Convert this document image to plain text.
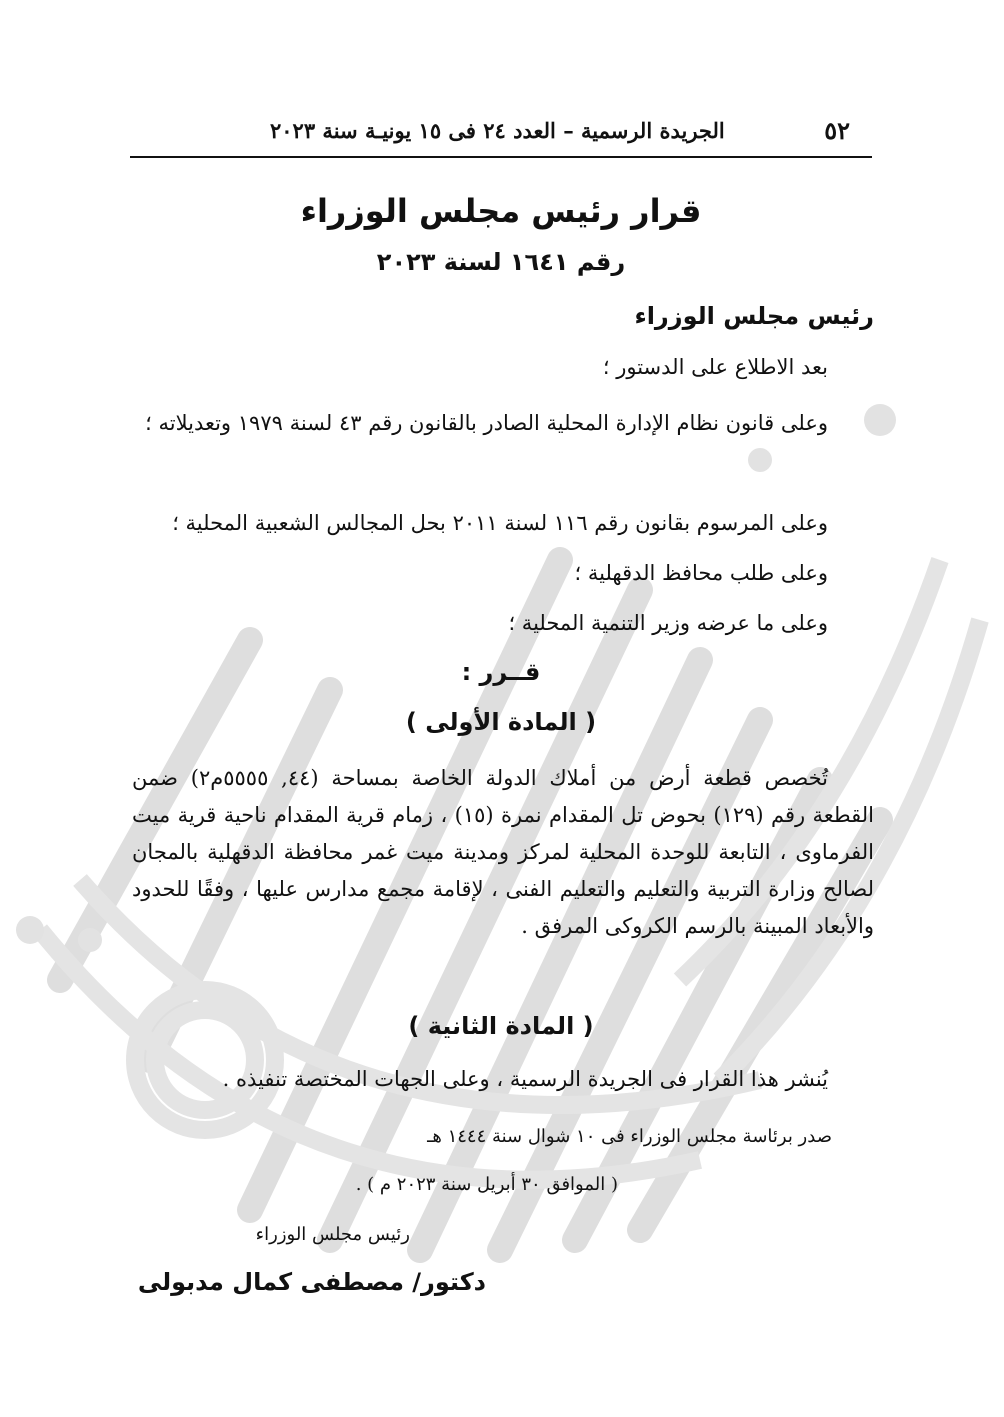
٥٢
الجريدة الرسمية – العدد ٢٤ فى ١٥ يونيـة سنة ٢٠٢٣
قرار رئيس مجلس الوزراء
رقم ١٦٤١ لسنة ٢٠٢٣
رئيس مجلس الوزراء
بعد الاطلاع على الدستور ؛
وعلى قانون نظام الإدارة المحلية الصادر بالقانون رقم ٤٣ لسنة ١٩٧٩ وتعديلاته ؛
وعلى المرسوم بقانون رقم ١١٦ لسنة ٢٠١١ بحل المجالس الشعبية المحلية ؛
وعلى طلب محافظ الدقهلية ؛
وعلى ما عرضه وزير التنمية المحلية ؛
قــرر :
( المادة الأولى )
تُخصص قطعة أرض من أملاك الدولة الخاصة بمساحة (٤٤, ٥٥٥٥م٢) ضمن القطعة رقم (١٢٩) بحوض تل المقدام نمرة (١٥) ، زمام قرية المقدام ناحية قرية ميت الفرماوى ، التابعة للوحدة المحلية لمركز ومدينة ميت غمر محافظة الدقهلية بالمجان لصالح وزارة التربية والتعليم والتعليم الفنى ، لإقامة مجمع مدارس عليها ، وفقًا للحدود والأبعاد المبينة بالرسم الكروكى المرفق .
( المادة الثانية )
يُنشر هذا القرار فى الجريدة الرسمية ، وعلى الجهات المختصة تنفيذه .
صدر برئاسة مجلس الوزراء فى ١٠ شوال سنة ١٤٤٤ هـ
( الموافق ٣٠ أبريل سنة ٢٠٢٣ م ) .
رئيس مجلس الوزراء
دكتور/ مصطفى كمال مدبولى
